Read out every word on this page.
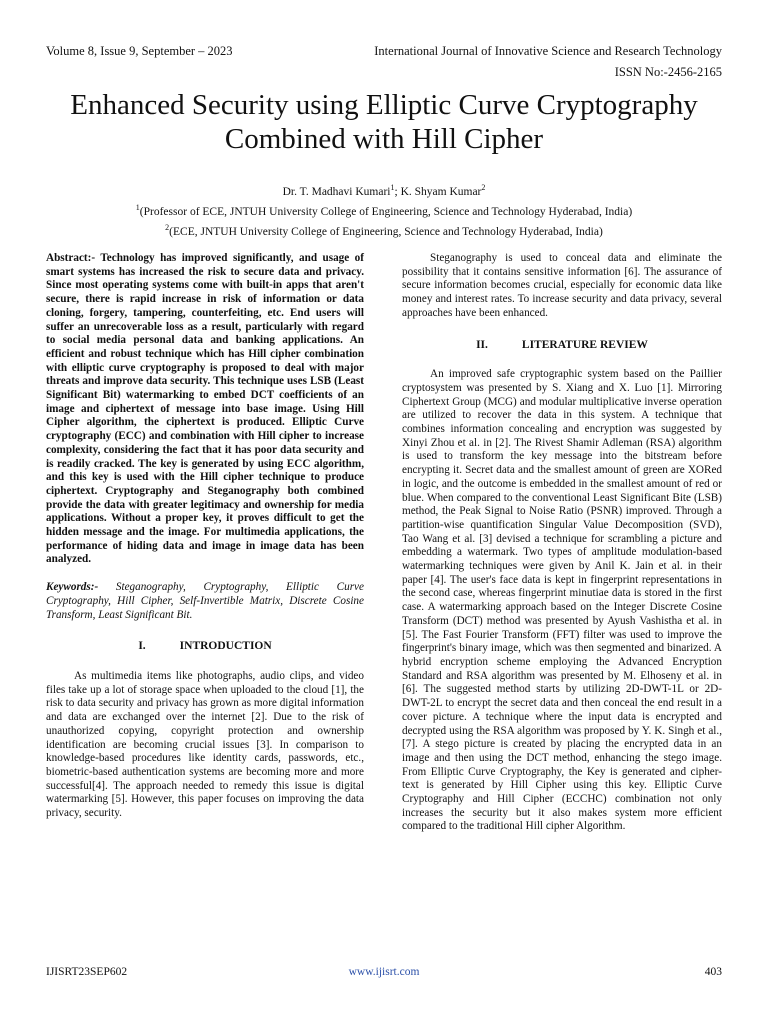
Volume 8, Issue 9, September – 2023	International Journal of Innovative Science and Research Technology
ISSN No:-2456-2165
Enhanced Security using Elliptic Curve Cryptography
Combined with Hill Cipher
Dr. T. Madhavi Kumari$^1$; K. Shyam Kumar$^2$
$^1$(Professor of ECE, JNTUH University College of Engineering, Science and Technology Hyderabad, India)
$^2$(ECE, JNTUH University College of Engineering, Science and Technology Hyderabad, India)

Abstract:- Technology has improved significantly, and usage of smart systems has increased the risk to secure data and privacy. Since most operating systems come with built-in apps that aren't secure, there is rapid increase in risk of information or data cloning, forgery, tampering, counterfeiting, etc. End users will suffer an unrecoverable loss as a result, particularly with regard to social media personal data and banking applications. An efficient and robust technique which has Hill cipher combination with elliptic curve cryptography is proposed to deal with major threats and improve data security. This technique uses LSB (Least Significant Bit) watermarking to embed DCT coefficients of an image and ciphertext of message into base image. Using Hill Cipher algorithm, the ciphertext is produced. Elliptic Curve cryptography (ECC) and combination with Hill cipher to increase complexity, considering the fact that it has poor data security and is readily cracked. The key is generated by using ECC algorithm, and this key is used with the Hill cipher technique to produce ciphertext. Cryptography and Steganography both combined provide the data with greater legitimacy and ownership for media applications. Without a proper key, it proves difficult to get the hidden message and the image. For multimedia applications, the performance of hiding data and image in image data has been analyzed.

Keywords:- Steganography, Cryptography, Elliptic Curve Cryptography, Hill Cipher, Self-Invertible Matrix, Discrete Cosine Transform, Least Significant Bit.

I.	INTRODUCTION

As multimedia items like photographs, audio clips, and video files take up a lot of storage space when uploaded to the cloud [1], the risk to data security and privacy has grown as more digital information and data are exchanged over the internet [2]. Due to the risk of unauthorized copying, copyright protection and ownership identification are becoming crucial issues [3]. In comparison to knowledge-based procedures like identity cards, passwords, etc., biometric-based authentication systems are becoming more and more successful[4]. The approach needed to remedy this issue is digital watermarking [5]. However, this paper focuses on improving the data privacy, security.

Steganography is used to conceal data and eliminate the possibility that it contains sensitive information [6]. The assurance of secure information becomes crucial, especially for economic data like money and interest rates. To increase security and data privacy, several approaches have been enhanced.

II.	LITERATURE REVIEW

An improved safe cryptographic system based on the Paillier cryptosystem was presented by S. Xiang and X. Luo [1]. Mirroring Ciphertext Group (MCG) and modular multiplicative inverse operation are utilized to recover the data in this system. A technique that combines information concealing and encryption was suggested by Xinyi Zhou et al. in [2]. The Rivest Shamir Adleman (RSA) algorithm is used to transform the key message into the bitstream before encrypting it. Secret data and the smallest amount of green are XORed in logic, and the outcome is embedded in the smallest amount of red or blue. When compared to the conventional Least Significant Bite (LSB) method, the Peak Signal to Noise Ratio (PSNR) improved. Through a partition-wise quantification Singular Value Decomposition (SVD), Tao Wang et al. [3] devised a technique for scrambling a picture and embedding a watermark. Two types of amplitude modulation-based watermarking techniques were given by Anil K. Jain et al. in their paper [4]. The user's face data is kept in fingerprint representations in the second case, whereas fingerprint minutiae data is stored in the first case. A watermarking approach based on the Integer Discrete Cosine Transform (DCT) method was presented by Ayush Vashistha et al. in [5]. The Fast Fourier Transform (FFT) filter was used to improve the fingerprint's binary image, which was then segmented and binarized. A hybrid encryption scheme employing the Advanced Encryption Standard and RSA algorithm was presented by M. Elhoseny et al. in [6]. The suggested method starts by utilizing 2D-DWT-1L or 2D-DWT-2L to encrypt the secret data and then conceal the end result in a cover picture. A technique where the input data is encrypted and decrypted using the RSA algorithm was proposed by Y. K. Singh et al., [7]. A stego picture is created by placing the encrypted data in an image and then using the DCT method, enhancing the stego image. From Elliptic Curve Cryptography, the Key is generated and cipher-text is generated by Hill Cipher using this key. Elliptic Curve Cryptography and Hill Cipher (ECCHC) combination not only increases the security but it also makes system more efficient compared to the traditional Hill cipher Algorithm.

IJISRT23SEP602	www.ijisrt.com	403
